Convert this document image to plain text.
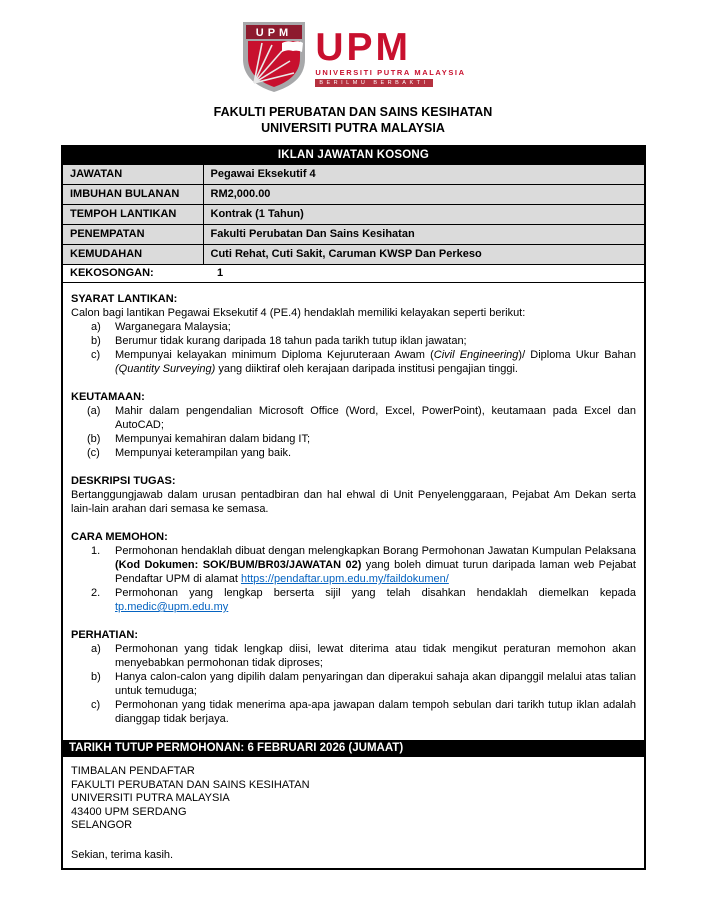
UPM UPM
UNIVERSITI PUTRA MALAYSIA
BERILMU BERBAKTI
FAKULTI PERUBATAN DAN SAINS KESIHATAN
UNIVERSITI PUTRA MALAYSIA
IKLAN JAWATAN KOSONG
JAWATAN	Pegawai Eksekutif 4
IMBUHAN BULANAN	RM2,000.00
TEMPOH LANTIKAN	Kontrak (1 Tahun)
PENEMPATAN	Fakulti Perubatan Dan Sains Kesihatan
KEMUDAHAN	Cuti Rehat, Cuti Sakit, Caruman KWSP Dan Perkeso
KEKOSONGAN:	1
SYARAT LANTIKAN:
Calon bagi lantikan Pegawai Eksekutif 4 (PE.4) hendaklah memiliki kelayakan seperti berikut:
a)	Warganegara Malaysia;
b)	Berumur tidak kurang daripada 18 tahun pada tarikh tutup iklan jawatan;
c)	Mempunyai kelayakan minimum Diploma Kejuruteraan Awam (Civil Engineering)/ Diploma Ukur Bahan (Quantity Surveying) yang diiktiraf oleh kerajaan daripada institusi pengajian tinggi.
KEUTAMAAN:
(a)	Mahir dalam pengendalian Microsoft Office (Word, Excel, PowerPoint), keutamaan pada Excel dan AutoCAD;
(b)	Mempunyai kemahiran dalam bidang IT;
(c)	Mempunyai keterampilan yang baik.
DESKRIPSI TUGAS:
Bertanggungjawab dalam urusan pentadbiran dan hal ehwal di Unit Penyelenggaraan, Pejabat Am Dekan serta lain-lain arahan dari semasa ke semasa.
CARA MEMOHON:
1.	Permohonan hendaklah dibuat dengan melengkapkan Borang Permohonan Jawatan Kumpulan Pelaksana (Kod Dokumen: SOK/BUM/BR03/JAWATAN 02) yang boleh dimuat turun daripada laman web Pejabat Pendaftar UPM di alamat https://pendaftar.upm.edu.my/faildokumen/
2.	Permohonan yang lengkap berserta sijil yang telah disahkan hendaklah diemelkan kepada tp.medic@upm.edu.my
PERHATIAN:
a)	Permohonan yang tidak lengkap diisi, lewat diterima atau tidak mengikut peraturan memohon akan menyebabkan permohonan tidak diproses;
b)	Hanya calon-calon yang dipilih dalam penyaringan dan diperakui sahaja akan dipanggil melalui atas talian untuk temuduga;
c)	Permohonan yang tidak menerima apa-apa jawapan dalam tempoh sebulan dari tarikh tutup iklan adalah dianggap tidak berjaya.
TARIKH TUTUP PERMOHONAN: 6 FEBRUARI 2026 (JUMAAT)
TIMBALAN PENDAFTAR
FAKULTI PERUBATAN DAN SAINS KESIHATAN
UNIVERSITI PUTRA MALAYSIA
43400 UPM SERDANG
SELANGOR
Sekian, terima kasih.
